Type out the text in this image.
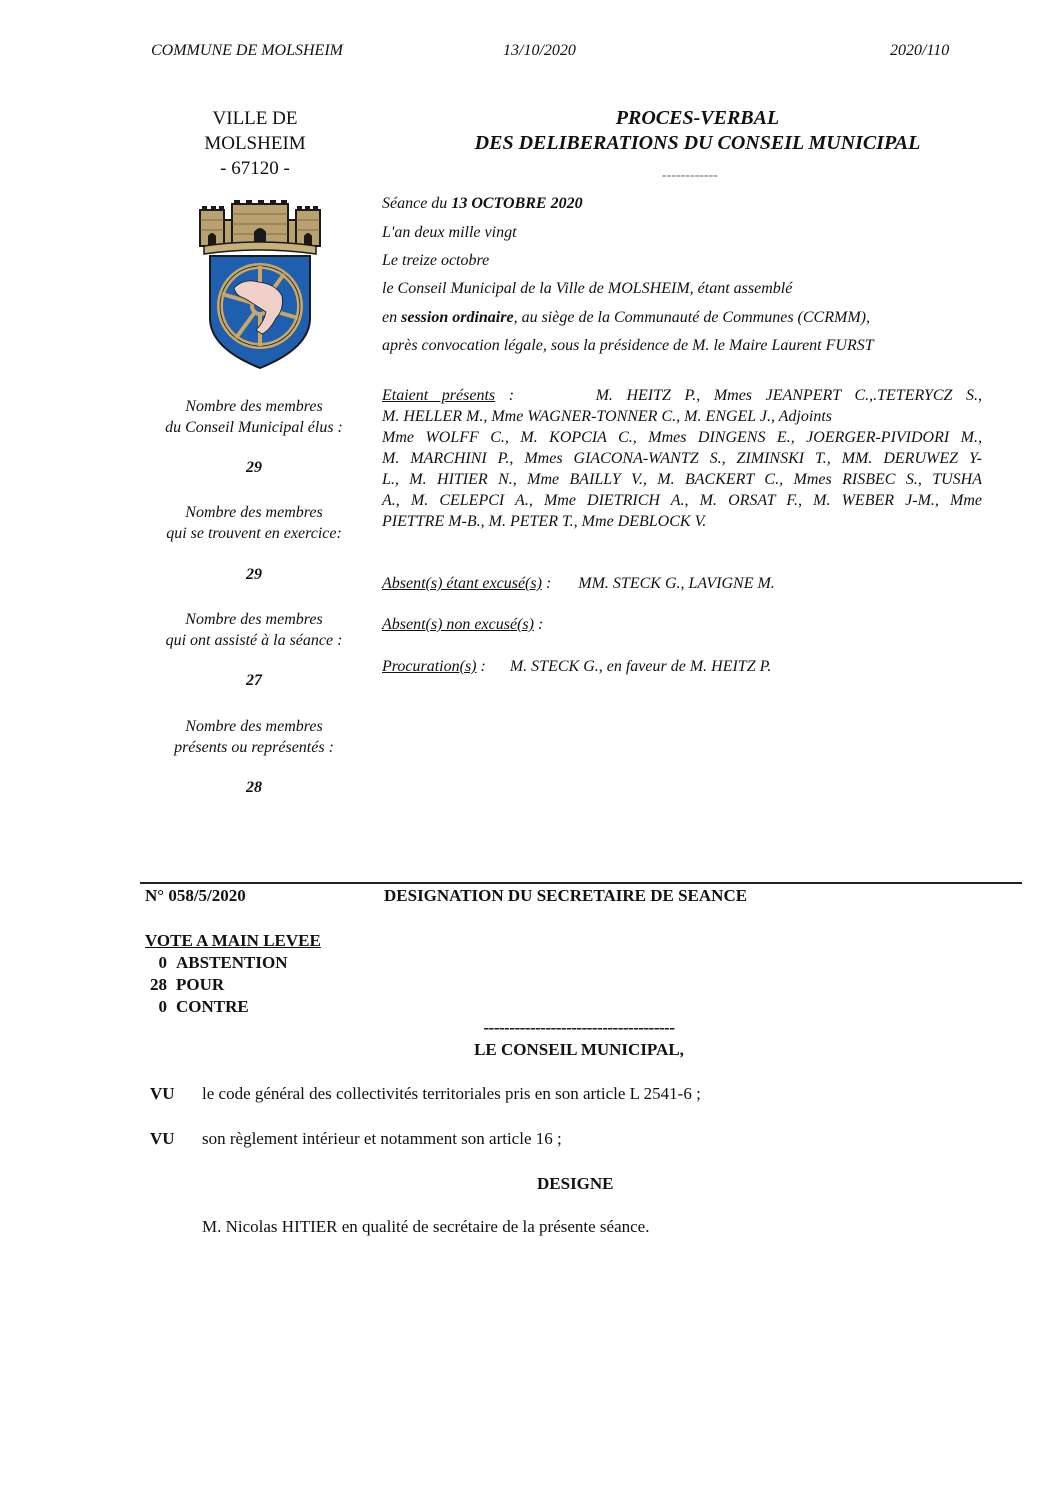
COMMUNE DE MOLSHEIM	13/10/2020	2020/110
VILLE DE
MOLSHEIM
- 67120 -
Nombre des membres
du Conseil Municipal élus :
29
Nombre des membres
qui se trouvent en exercice:
29
Nombre des membres
qui ont assisté à la séance :
27
Nombre des membres
présents ou représentés :
28
PROCES-VERBAL
DES DELIBERATIONS DU CONSEIL MUNICIPAL
------------
Séance du 13 OCTOBRE 2020
L'an deux mille vingt
Le treize octobre
le Conseil Municipal de la Ville de MOLSHEIM, étant assemblé
en session ordinaire, au siège de la Communauté de Communes (CCRMM),
après convocation légale, sous la présidence de M. le Maire Laurent FURST
Etaient présents :	M. HEITZ P., Mmes JEANPERT C.,.TETERYCZ S.,
M. HELLER M., Mme WAGNER-TONNER C., M. ENGEL J., Adjoints
Mme WOLFF C., M. KOPCIA C., Mmes DINGENS E., JOERGER-PIVIDORI M.,
M. MARCHINI P., Mmes GIACONA-WANTZ S., ZIMINSKI T., MM. DERUWEZ Y-
L., M. HITIER N., Mme BAILLY V., M. BACKERT C., Mmes RISBEC S., TUSHA
A., M. CELEPCI A., Mme DIETRICH A., M. ORSAT F., M. WEBER J-M., Mme
PIETTRE M-B., M. PETER T., Mme DEBLOCK V.
Absent(s) étant excusé(s) : MM. STECK G., LAVIGNE M.
Absent(s) non excusé(s) :
Procuration(s) : M. STECK G., en faveur de M. HEITZ P.
N° 058/5/2020	DESIGNATION DU SECRETAIRE DE SEANCE
VOTE A MAIN LEVEE
0 ABSTENTION
28 POUR
0 CONTRE
-------------------------------------
LE CONSEIL MUNICIPAL,
VU le code général des collectivités territoriales pris en son article L 2541-6 ;
VU son règlement intérieur et notamment son article 16 ;
DESIGNE
M. Nicolas HITIER en qualité de secrétaire de la présente séance.
